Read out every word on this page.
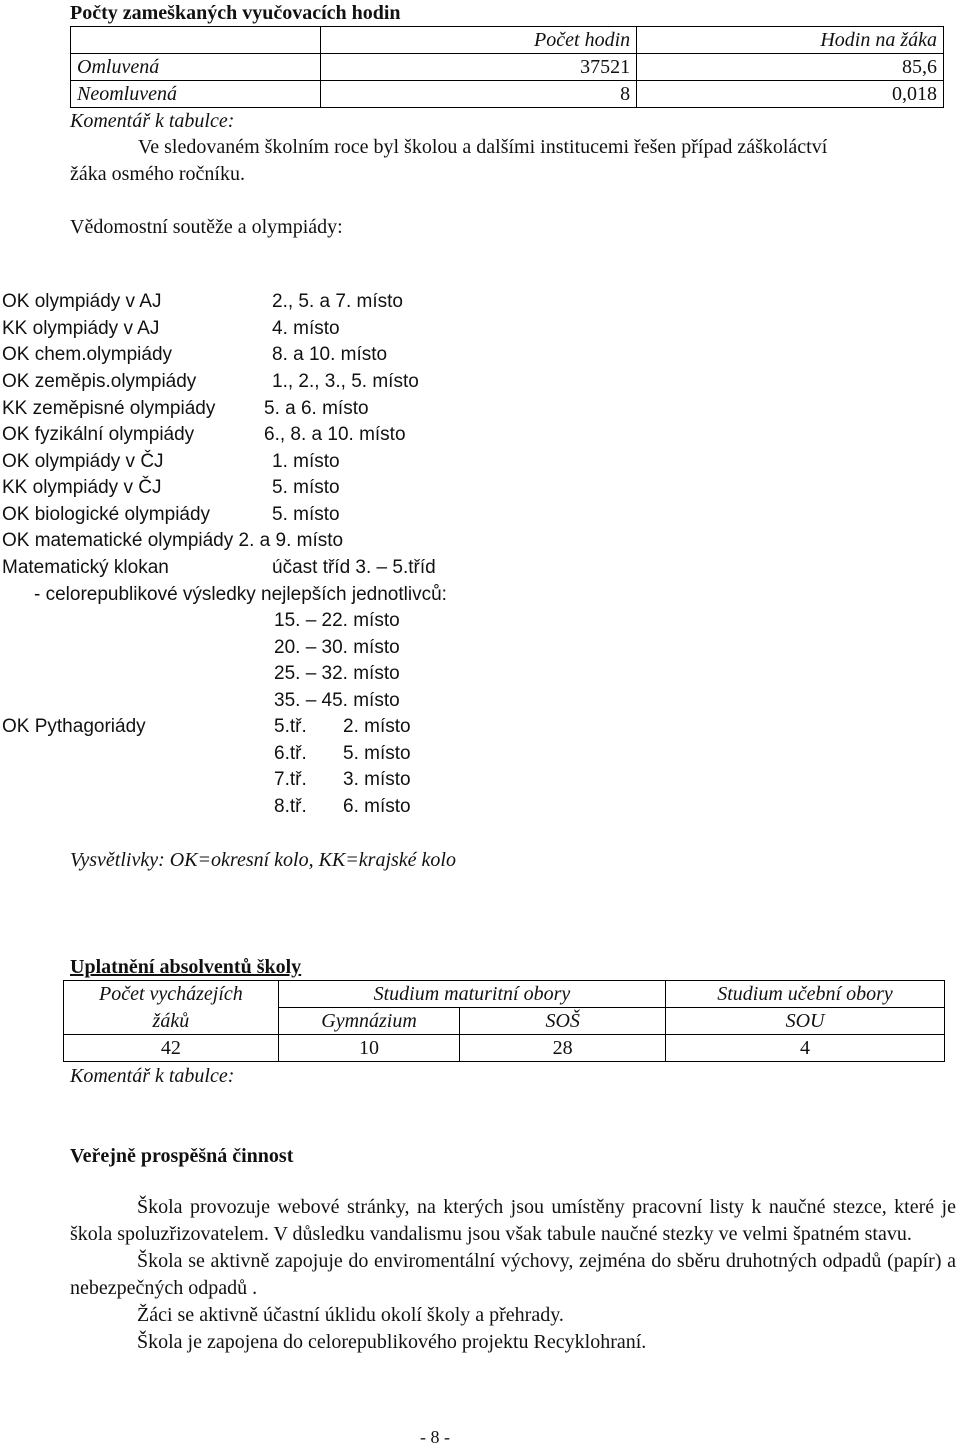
Počty zameškaných vyučovacích hodin
	Počet hodin	Hodin na žáka
Omluvená	37521	85,6
Neomluvená	8	0,018
Komentář k tabulce:
Ve sledovaném školním roce byl školou a dalšími institucemi řešen případ záškoláctví
žáka osmého ročníku.
Vědomostní soutěže a olympiády:
OK olympiády v AJ	2., 5. a 7. místo
KK olympiády v AJ	4. místo
OK chem.olympiády	8. a 10. místo
OK zeměpis.olympiády	1., 2., 3., 5. místo
KK zeměpisné olympiády	5. a 6. místo
OK fyzikální olympiády	6., 8. a 10. místo
OK olympiády v ČJ	1. místo
KK olympiády v ČJ	5. místo
OK biologické olympiády	5. místo
OK matematické olympiády 2. a 9. místo
Matematický klokan	účast tříd 3. – 5.tříd
- celorepublikové výsledky nejlepších jednotlivců:
15. – 22. místo
20. – 30. místo
25. – 32. místo
35. – 45. místo
OK Pythagoriády	5.tř. 2. místo
6.tř. 5. místo
7.tř. 3. místo
8.tř. 6. místo
Vysvětlivky: OK=okresní kolo, KK=krajské kolo
Uplatnění absolventů školy
Počet vycházejích	Studium maturitní obory		Studium učební obory
žáků	Gymnázium	SOŠ	SOU
42	10	28	4
Komentář k tabulce:
Veřejně prospěšná činnost

Škola provozuje webové stránky, na kterých jsou umístěny pracovní listy k naučné stezce, které je škola spoluzřizovatelem. V důsledku vandalismu jsou však tabule naučné stezky ve velmi špatném stavu.

Škola se aktivně zapojuje do enviromentální výchovy, zejména do sběru druhotných odpadů (papír) a nebezpečných odpadů .

Žáci se aktivně účastní úklidu okolí školy a přehrady.

Škola je zapojena do celorepublikového projektu Recyklohraní.

- 8 -
